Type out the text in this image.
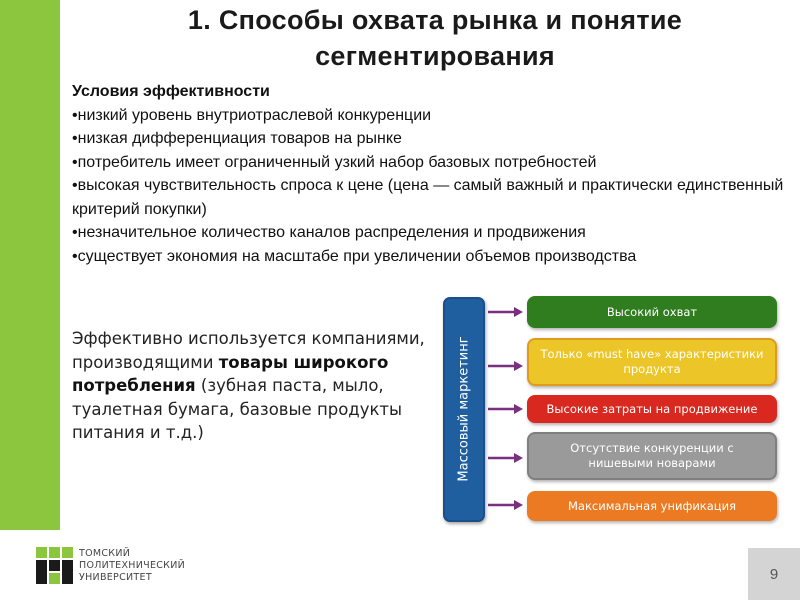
1. Способы охвата рынка и понятие
сегментирования
Условия эффективности
•низкий уровень внутриотраслевой конкуренции
•низкая дифференциация товаров на рынке
•потребитель имеет ограниченный узкий набор базовых потребностей
•высокая чувствительность спроса к цене (цена — самый важный и практически единственный критерий покупки)
•незначительное количество каналов распределения и продвижения
•существует экономия на масштабе при увеличении объемов производства
Эффективно используется компаниями, производящими товары широкого потребления (зубная паста, мыло, туалетная бумага, базовые продукты питания и т.д.)	Массовый маркетинг
Высокий охват
Только «must have» характеристики продукта
Высокие затраты на продвижение
Отсутствие конкуренции с нишевыми новарами
Максимальная унификация
ТОМСКИЙ
ПОЛИТЕХНИЧЕСКИЙ
УНИВЕРСИТЕТ	9
